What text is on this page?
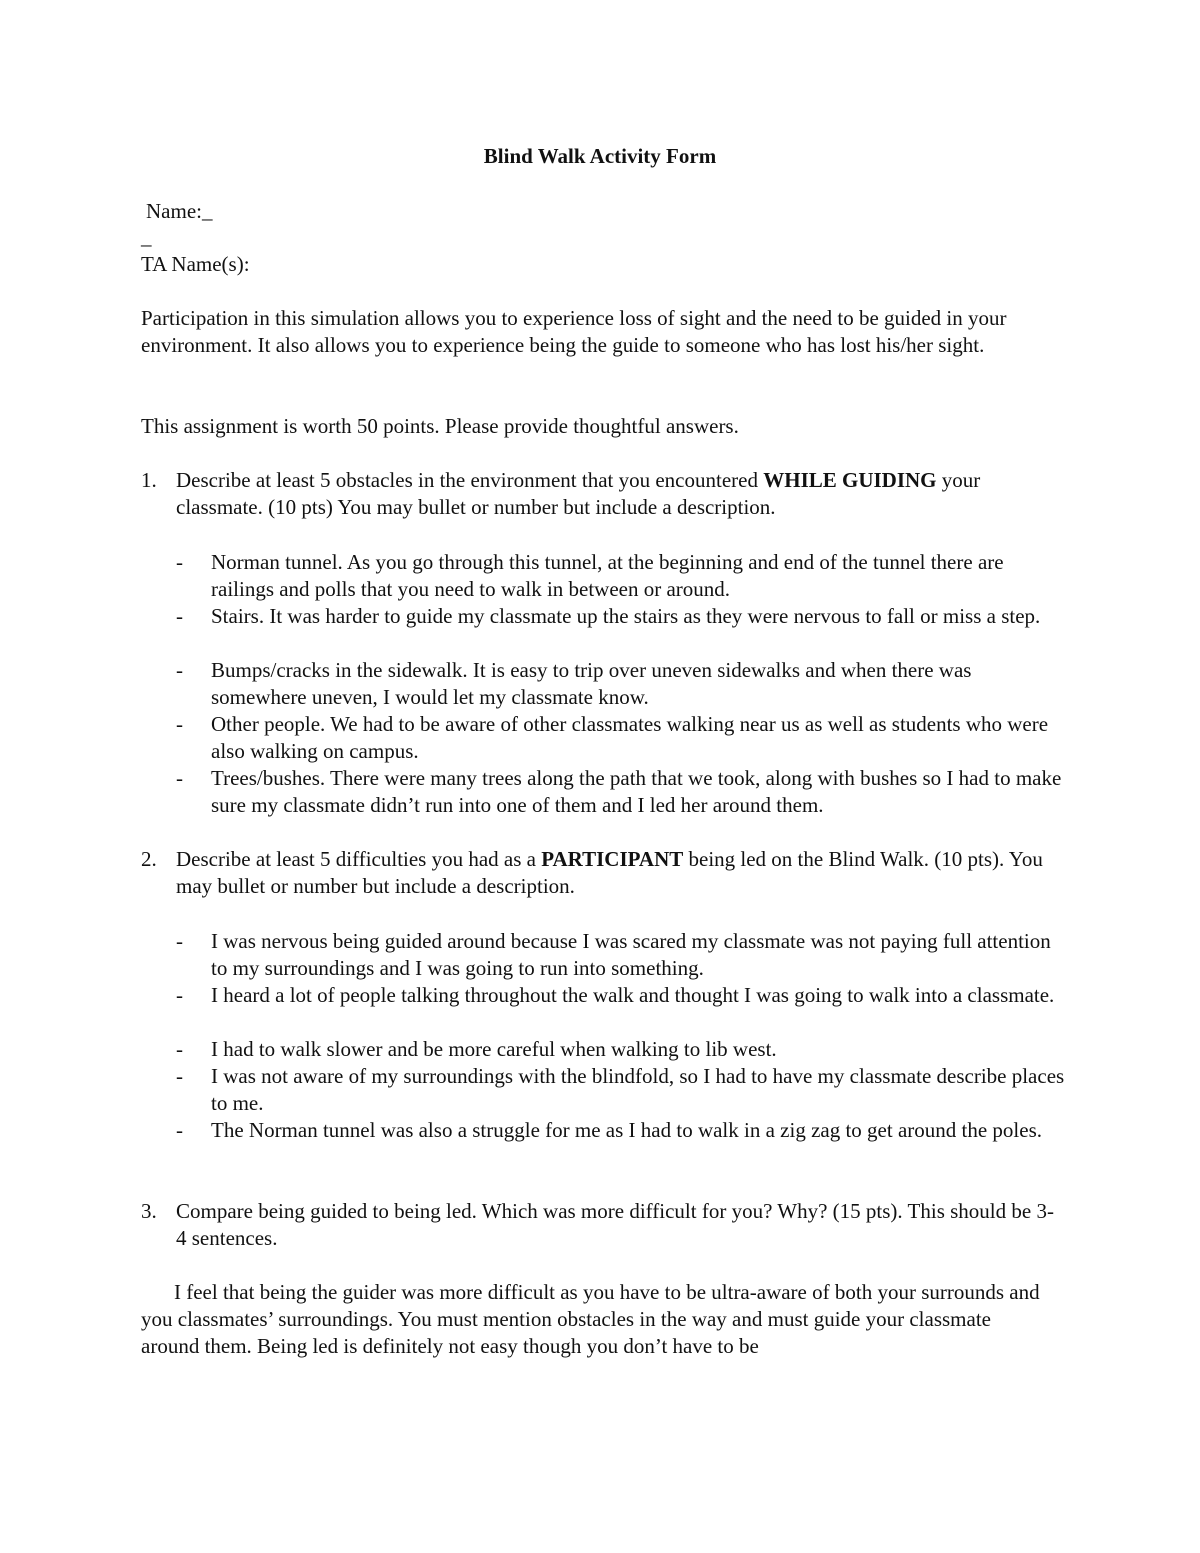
Blind Walk Activity Form
Name:_
_
TA Name(s):
Participation in this simulation allows you to experience loss of sight and the need to be guided in your environment. It also allows you to experience being the guide to someone who has lost his/her sight.
This assignment is worth 50 points. Please provide thoughtful answers.
1. Describe at least 5 obstacles in the environment that you encountered WHILE GUIDING your classmate. (10 pts) You may bullet or number but include a description.
- Norman tunnel. As you go through this tunnel, at the beginning and end of the tunnel there are railings and polls that you need to walk in between or around.
- Stairs. It was harder to guide my classmate up the stairs as they were nervous to fall or miss a step.
- Bumps/cracks in the sidewalk. It is easy to trip over uneven sidewalks and when there was somewhere uneven, I would let my classmate know.
- Other people. We had to be aware of other classmates walking near us as well as students who were also walking on campus.
- Trees/bushes. There were many trees along the path that we took, along with bushes so I had to make sure my classmate didn’t run into one of them and I led her around them.
2. Describe at least 5 difficulties you had as a PARTICIPANT being led on the Blind Walk. (10 pts). You may bullet or number but include a description.
- I was nervous being guided around because I was scared my classmate was not paying full attention to my surroundings and I was going to run into something.
- I heard a lot of people talking throughout the walk and thought I was going to walk into a classmate.
- I had to walk slower and be more careful when walking to lib west.
- I was not aware of my surroundings with the blindfold, so I had to have my classmate describe places to me.
- The Norman tunnel was also a struggle for me as I had to walk in a zig zag to get around the poles.
3. Compare being guided to being led. Which was more difficult for you? Why? (15 pts). This should be 3-4 sentences.
I feel that being the guider was more difficult as you have to be ultra-aware of both your surrounds and you classmates’ surroundings. You must mention obstacles in the way and must guide your classmate around them. Being led is definitely not easy though you don’t have to be
